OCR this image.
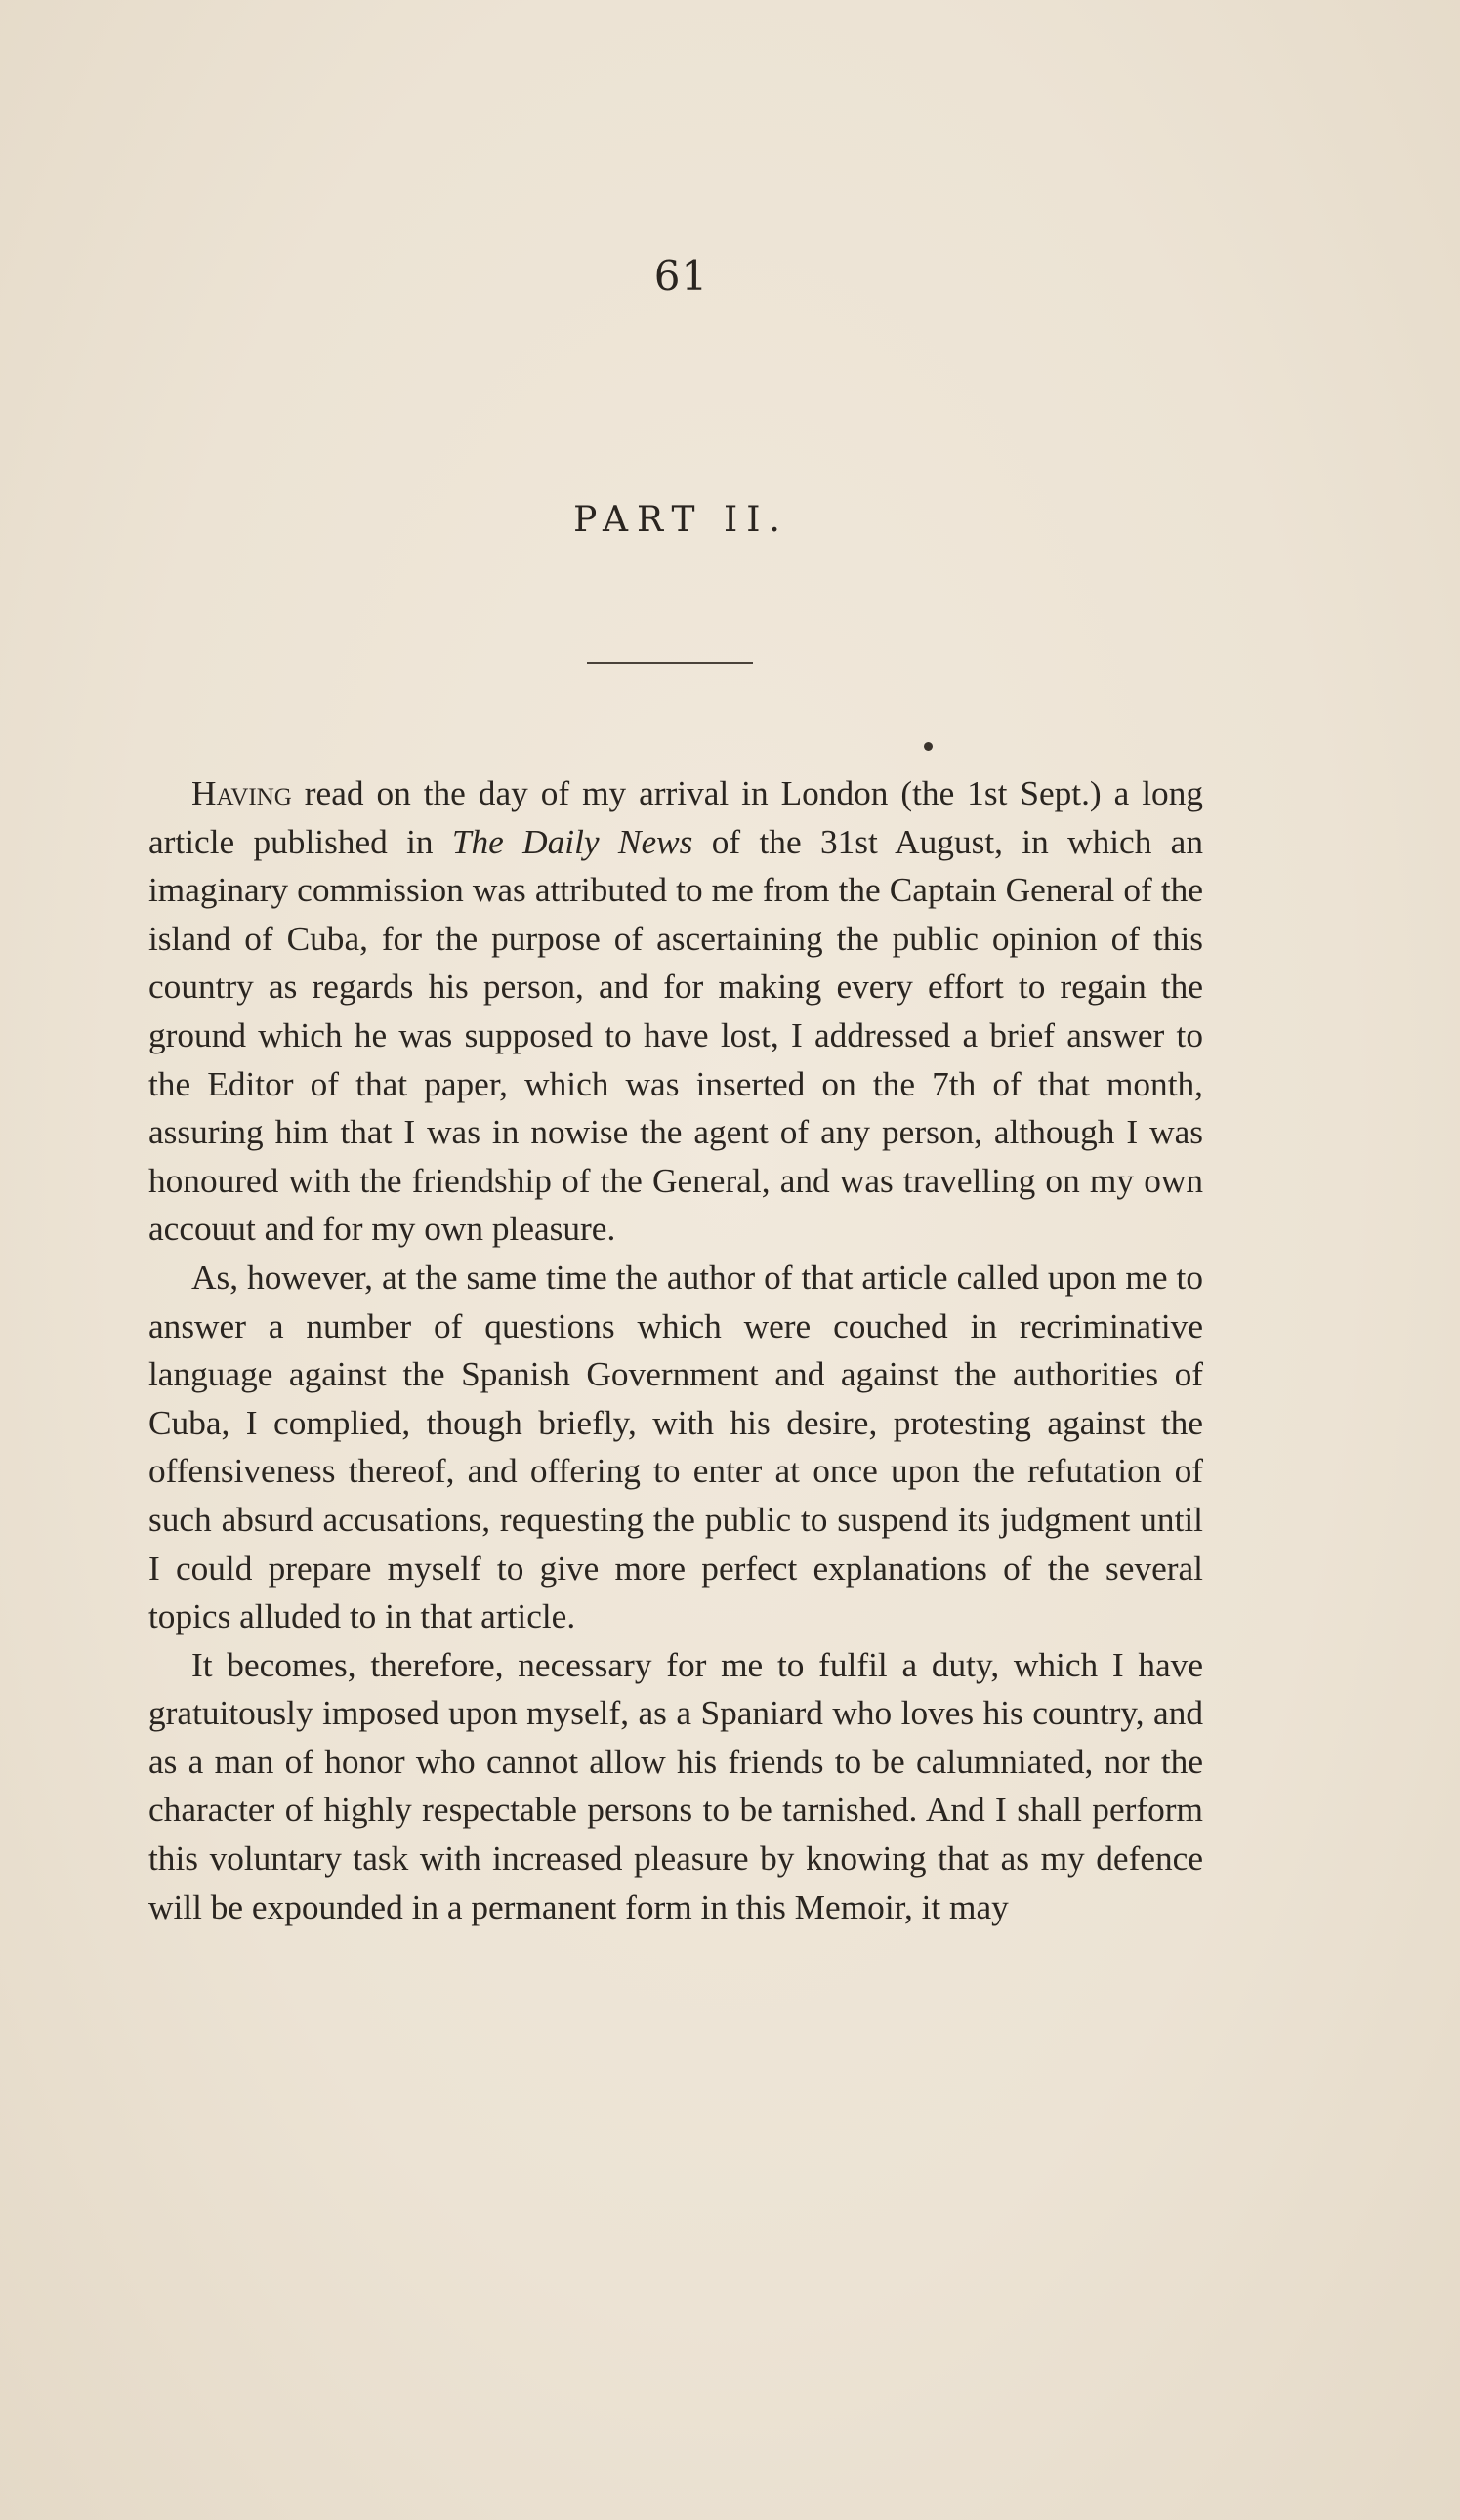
61
PART II.

Having read on the day of my arrival in London (the 1st Sept.) a long article published in The Daily News of the 31st August, in which an imaginary commission was attributed to me from the Captain General of the island of Cuba, for the purpose of ascertaining the public opinion of this country as regards his person, and for making every effort to regain the ground which he was supposed to have lost, I addressed a brief answer to the Editor of that paper, which was inserted on the 7th of that month, assuring him that I was in nowise the agent of any person, although I was honoured with the friendship of the General, and was travelling on my own accouut and for my own pleasure.

As, however, at the same time the author of that article called upon me to answer a number of questions which were couched in recriminative language against the Spanish Government and against the authorities of Cuba, I complied, though briefly, with his desire, protesting against the offensiveness thereof, and offering to enter at once upon the refutation of such absurd accusations, requesting the public to suspend its judgment until I could prepare myself to give more perfect explanations of the several topics alluded to in that article.

It becomes, therefore, necessary for me to fulfil a duty, which I have gratuitously imposed upon myself, as a Spaniard who loves his country, and as a man of honor who cannot allow his friends to be calumniated, nor the character of highly respectable persons to be tarnished. And I shall perform this voluntary task with increased pleasure by knowing that as my defence will be expounded in a permanent form in this Memoir, it may
